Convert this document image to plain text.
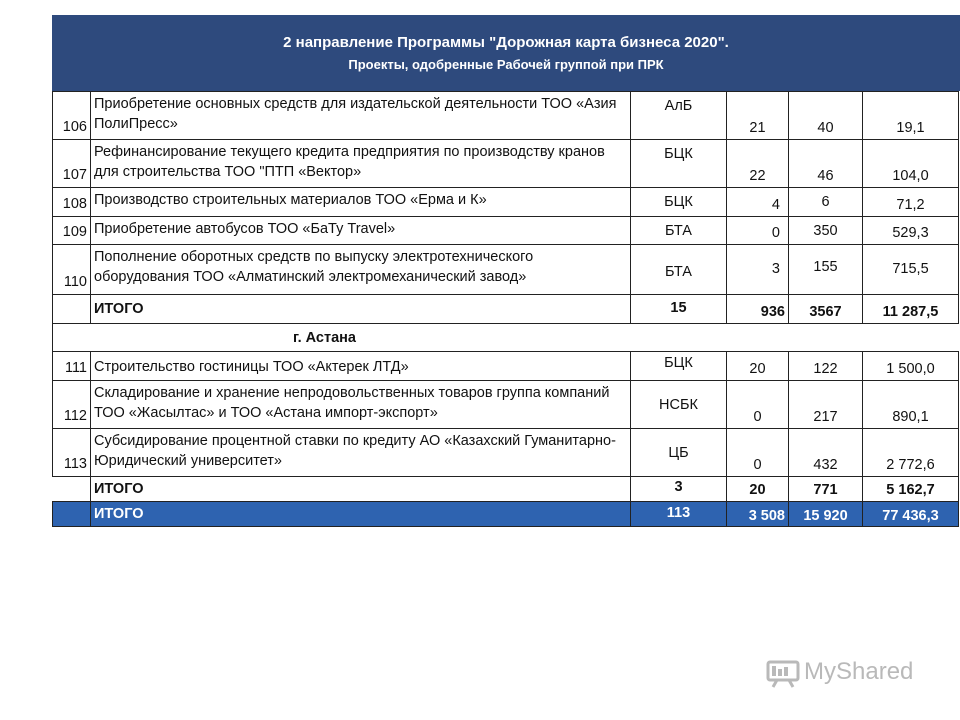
2 направление Программы "Дорожная карта бизнеса 2020".
Проекты, одобренные Рабочей группой при ПРК
106	Приобретение основных средств для издательской деятельности ТОО «Азия ПолиПресс»	АлБ	21	40	19,1
107	Рефинансирование текущего кредита предприятия по производству кранов для строительства ТОО "ПТП «Вектор»	БЦК	22	46	104,0
108	Производство строительных материалов ТОО «Ерма и К»	БЦК	4	6	71,2
109	Приобретение автобусов ТОО «БаТу Travel»	БТА	0	350	529,3
110	Пополнение оборотных средств по выпуску электротехнического оборудования ТОО «Алматинский электромеханический завод»	БТА	3	155	715,5
	ИТОГО	15	936	3567	11 287,5
г. Астана					
111	Строительство гостиницы ТОО «Актерек ЛТД»	БЦК	20	122	1 500,0
112	Складирование и хранение непродовольственных товаров группа компаний ТОО «Жасылтас» и ТОО «Астана импорт-экспорт»	НСБК	0	217	890,1
113	Субсидирование процентной ставки по кредиту АО «Казахский Гуманитарно-Юридический университет»	ЦБ	0	432	2 772,6
	ИТОГО	3	20	771	5 162,7
	ИТОГО	113	3 508	15 920	77 436,3
MyShared
